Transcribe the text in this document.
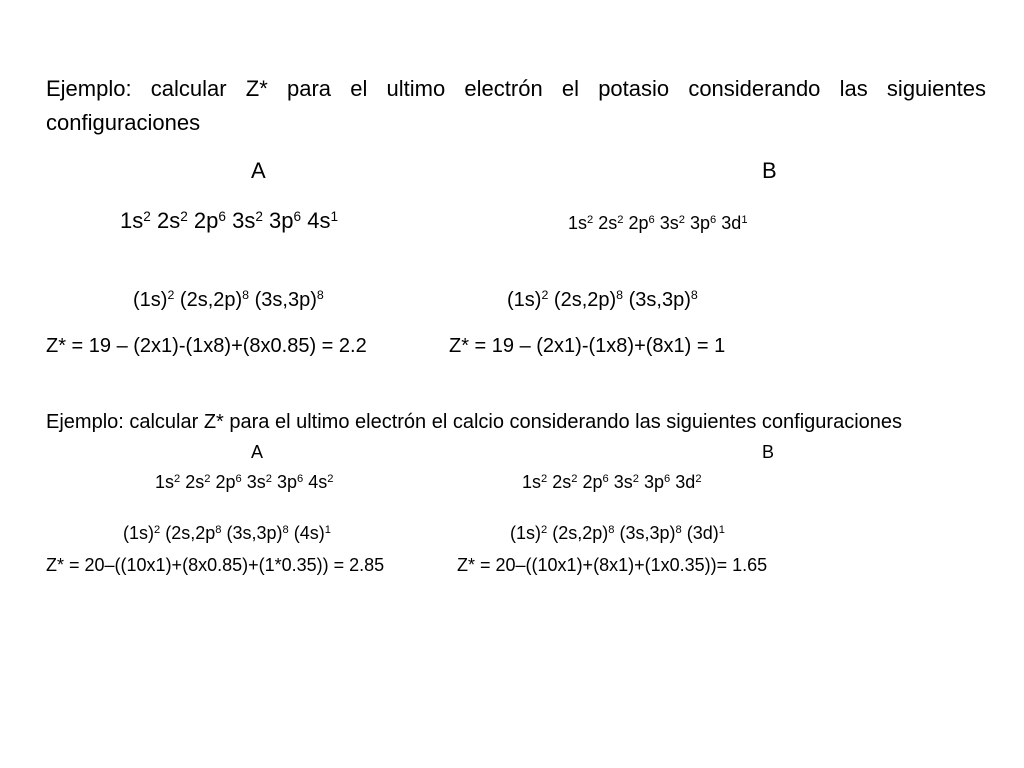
Ejemplo: calcular Z* para el ultimo electrón el potasio considerando las siguientes configuraciones
A	B
$1s^2$ $2s^2$ $2p^6$ $3s^2$ $3p^6$ $4s^1$	$1s^2$ $2s^2$ $2p^6$ $3s^2$ $3p^6$ $3d^1$
$(1s)^2$ $(2s,2p)^8$ $(3s,3p)^8$	$(1s)^2$ $(2s,2p)^8$ $(3s,3p)^8$
Z* = 19 – (2x1)-(1x8)+(8x0.85) = 2.2	Z* = 19 – (2x1)-(1x8)+(8x1) = 1
Ejemplo: calcular Z* para el ultimo electrón el calcio considerando las siguientes configuraciones
A	B
$1s^2$ $2s^2$ $2p^6$ $3s^2$ $3p^6$ $4s^2$	$1s^2$ $2s^2$ $2p^6$ $3s^2$ $3p^6$ $3d^2$
$(1s)^2$ ($2s,2p^8$ $(3s,3p)^8$ $(4s)^1$	$(1s)^2$ $(2s,2p)^8$ $(3s,3p)^8$ $(3d)^1$
Z* = 20–((10x1)+(8x0.85)+(1*0.35)) = 2.85	Z* = 20–((10x1)+(8x1)+(1x0.35))= 1.65
